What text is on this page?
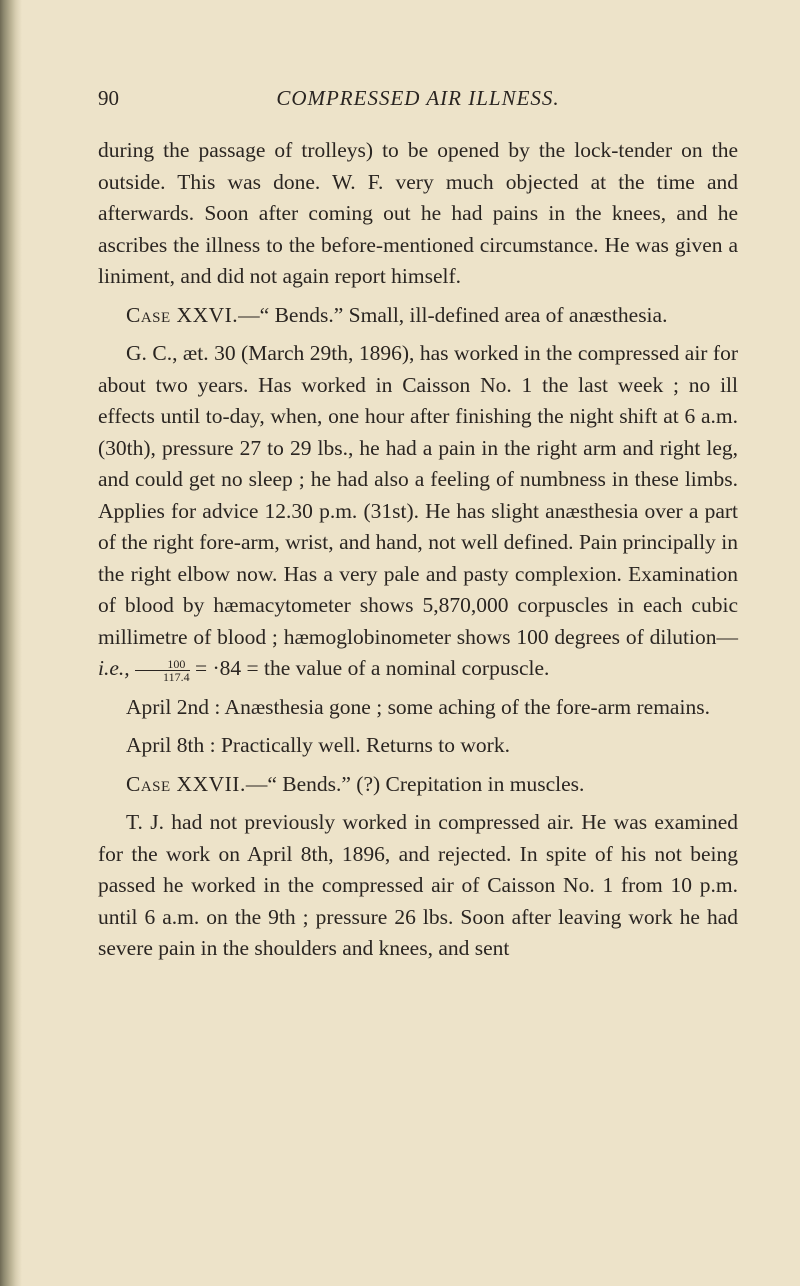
90	COMPRESSED AIR ILLNESS.

during the passage of trolleys) to be opened by the lock-tender on the outside. This was done. W. F. very much objected at the time and afterwards. Soon after coming out he had pains in the knees, and he ascribes the illness to the before-mentioned circumstance. He was given a liniment, and did not again report himself.

Case XXVI.—“ Bends.” Small, ill-defined area of anæsthesia.

G. C., æt. 30 (March 29th, 1896), has worked in the compressed air for about two years. Has worked in Caisson No. 1 the last week ; no ill effects until to-day, when, one hour after finishing the night shift at 6 a.m. (30th), pressure 27 to 29 lbs., he had a pain in the right arm and right leg, and could get no sleep ; he had also a feeling of numbness in these limbs. Applies for advice 12.30 p.m. (31st). He has slight anæsthesia over a part of the right fore-arm, wrist, and hand, not well defined. Pain principally in the right elbow now. Has a very pale and pasty complexion. Examination of blood by hæmacytometer shows 5,870,000 corpuscles in each cubic millimetre of blood ; hæmoglobinometer shows 100 degrees of dilution—i.e., $\frac{100}{117.4} = \cdot 84$ = the value of a nominal corpuscle.

April 2nd : Anæsthesia gone ; some aching of the fore-arm remains.

April 8th : Practically well. Returns to work.

Case XXVII.—“ Bends.” (?) Crepitation in muscles.

T. J. had not previously worked in compressed air. He was examined for the work on April 8th, 1896, and rejected. In spite of his not being passed he worked in the compressed air of Caisson No. 1 from 10 p.m. until 6 a.m. on the 9th ; pressure 26 lbs. Soon after leaving work he had severe pain in the shoulders and knees, and sent
